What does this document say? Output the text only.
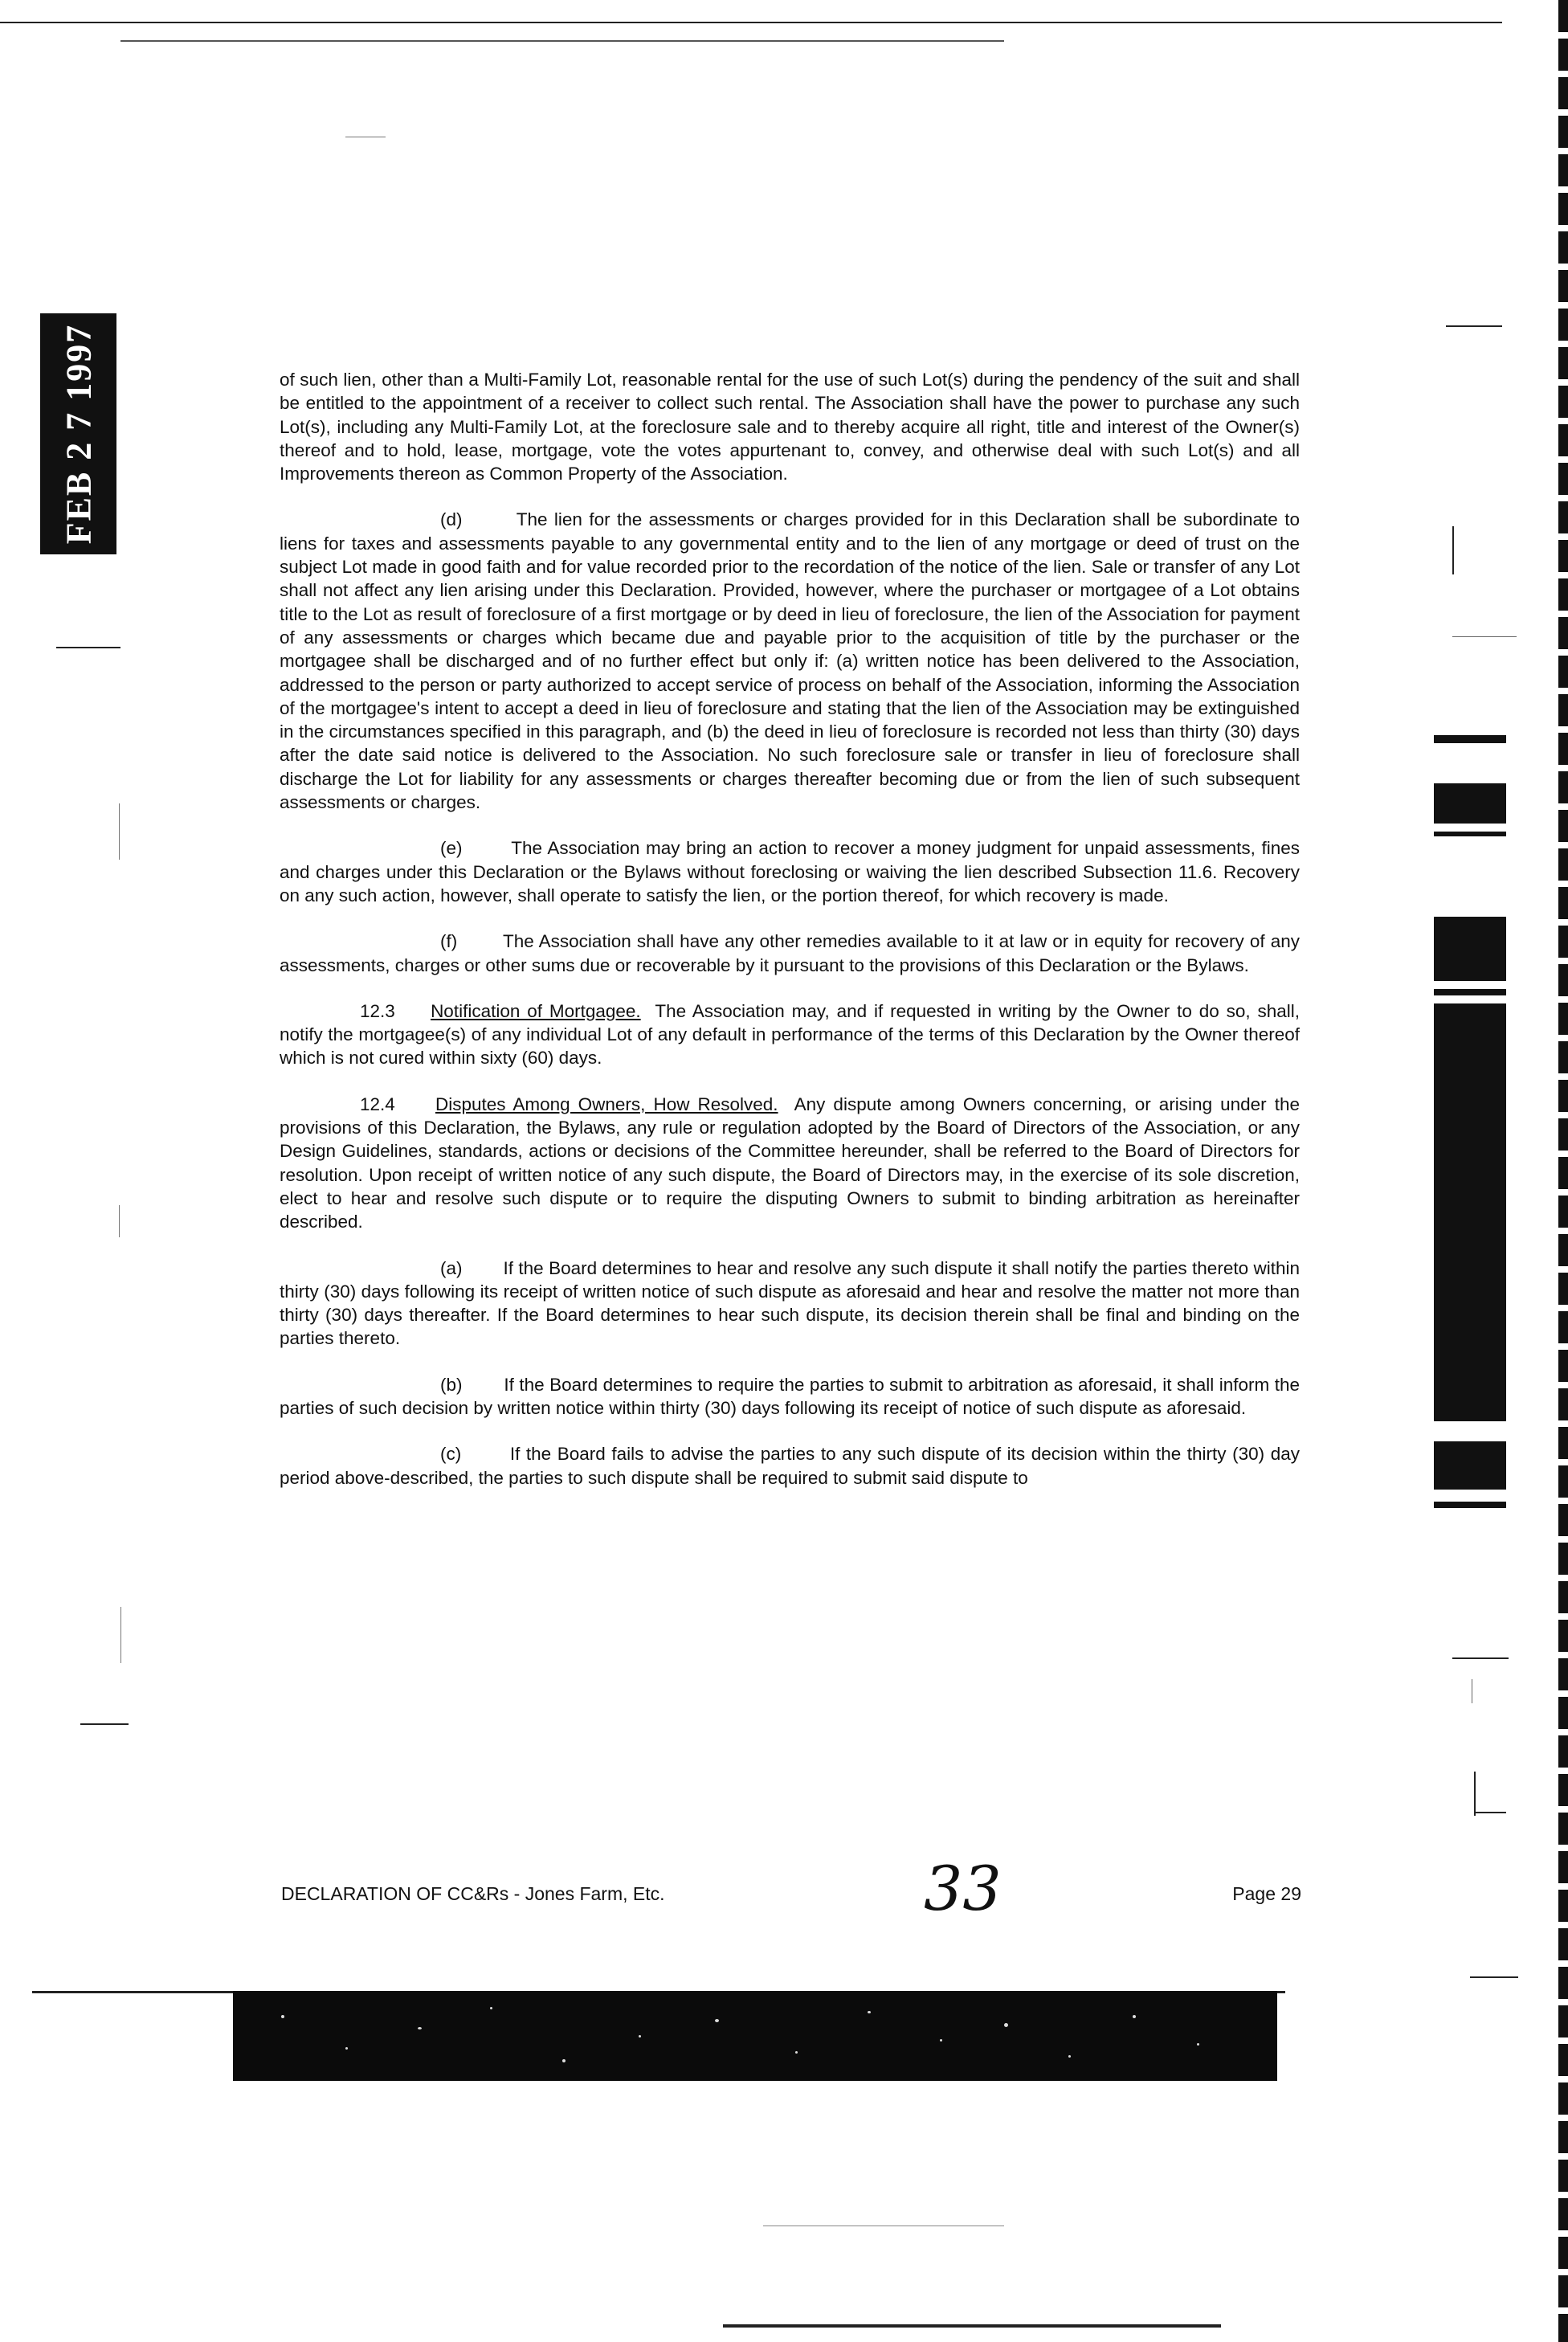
FEB 2 7 1997	of such lien, other than a Multi-Family Lot, reasonable rental for the use of such Lot(s) during the pendency of the suit and shall be entitled to the appointment of a receiver to collect such rental. The Association shall have the power to purchase any such Lot(s), including any Multi-Family Lot, at the foreclosure sale and to thereby acquire all right, title and interest of the Owner(s) thereof and to hold, lease, mortgage, vote the votes appurtenant to, convey, and otherwise deal with such Lot(s) and all Improvements thereon as Common Property of the Association.

(d)	The lien for the assessments or charges provided for in this Declaration shall be subordinate to liens for taxes and assessments payable to any governmental entity and to the lien of any mortgage or deed of trust on the subject Lot made in good faith and for value recorded prior to the recordation of the notice of the lien. Sale or transfer of any Lot shall not affect any lien arising under this Declaration. Provided, however, where the purchaser or mortgagee of a Lot obtains title to the Lot as result of foreclosure of a first mortgage or by deed in lieu of foreclosure, the lien of the Association for payment of any assessments or charges which became due and payable prior to the acquisition of title by the purchaser or the mortgagee shall be discharged and of no further effect but only if: (a) written notice has been delivered to the Association, addressed to the person or party authorized to accept service of process on behalf of the Association, informing the Association of the mortgagee's intent to accept a deed in lieu of foreclosure and stating that the lien of the Association may be extinguished in the circumstances specified in this paragraph, and (b) the deed in lieu of foreclosure is recorded not less than thirty (30) days after the date said notice is delivered to the Association. No such foreclosure sale or transfer in lieu of foreclosure shall discharge the Lot for liability for any assessments or charges thereafter becoming due or from the lien of such subsequent assessments or charges.

(e)	The Association may bring an action to recover a money judgment for unpaid assessments, fines and charges under this Declaration or the Bylaws without foreclosing or waiving the lien described Subsection 11.6. Recovery on any such action, however, shall operate to satisfy the lien, or the portion thereof, for which recovery is made.

(f)	The Association shall have any other remedies available to it at law or in equity for recovery of any assessments, charges or other sums due or recoverable by it pursuant to the provisions of this Declaration or the Bylaws.

12.3 Notification of Mortgagee. The Association may, and if requested in writing by the Owner to do so, shall, notify the mortgagee(s) of any individual Lot of any default in performance of the terms of this Declaration by the Owner thereof which is not cured within sixty (60) days.

12.4 Disputes Among Owners, How Resolved. Any dispute among Owners concerning, or arising under the provisions of this Declaration, the Bylaws, any rule or regulation adopted by the Board of Directors of the Association, or any Design Guidelines, standards, actions or decisions of the Committee hereunder, shall be referred to the Board of Directors for resolution. Upon receipt of written notice of any such dispute, the Board of Directors may, in the exercise of its sole discretion, elect to hear and resolve such dispute or to require the disputing Owners to submit to binding arbitration as hereinafter described.

(a) If the Board determines to hear and resolve any such dispute it shall notify the parties thereto within thirty (30) days following its receipt of written notice of such dispute as aforesaid and hear and resolve the matter not more than thirty (30) days thereafter. If the Board determines to hear such dispute, its decision therein shall be final and binding on the parties thereto.

(b) If the Board determines to require the parties to submit to arbitration as aforesaid, it shall inform the parties of such decision by written notice within thirty (30) days following its receipt of notice of such dispute as aforesaid.

(c)	If the Board fails to advise the parties to any such dispute of its decision within the thirty (30) day period above-described, the parties to such dispute shall be required to submit said dispute to

DECLARATION OF CC&Rs - Jones Farm, Etc.	33	Page 29
